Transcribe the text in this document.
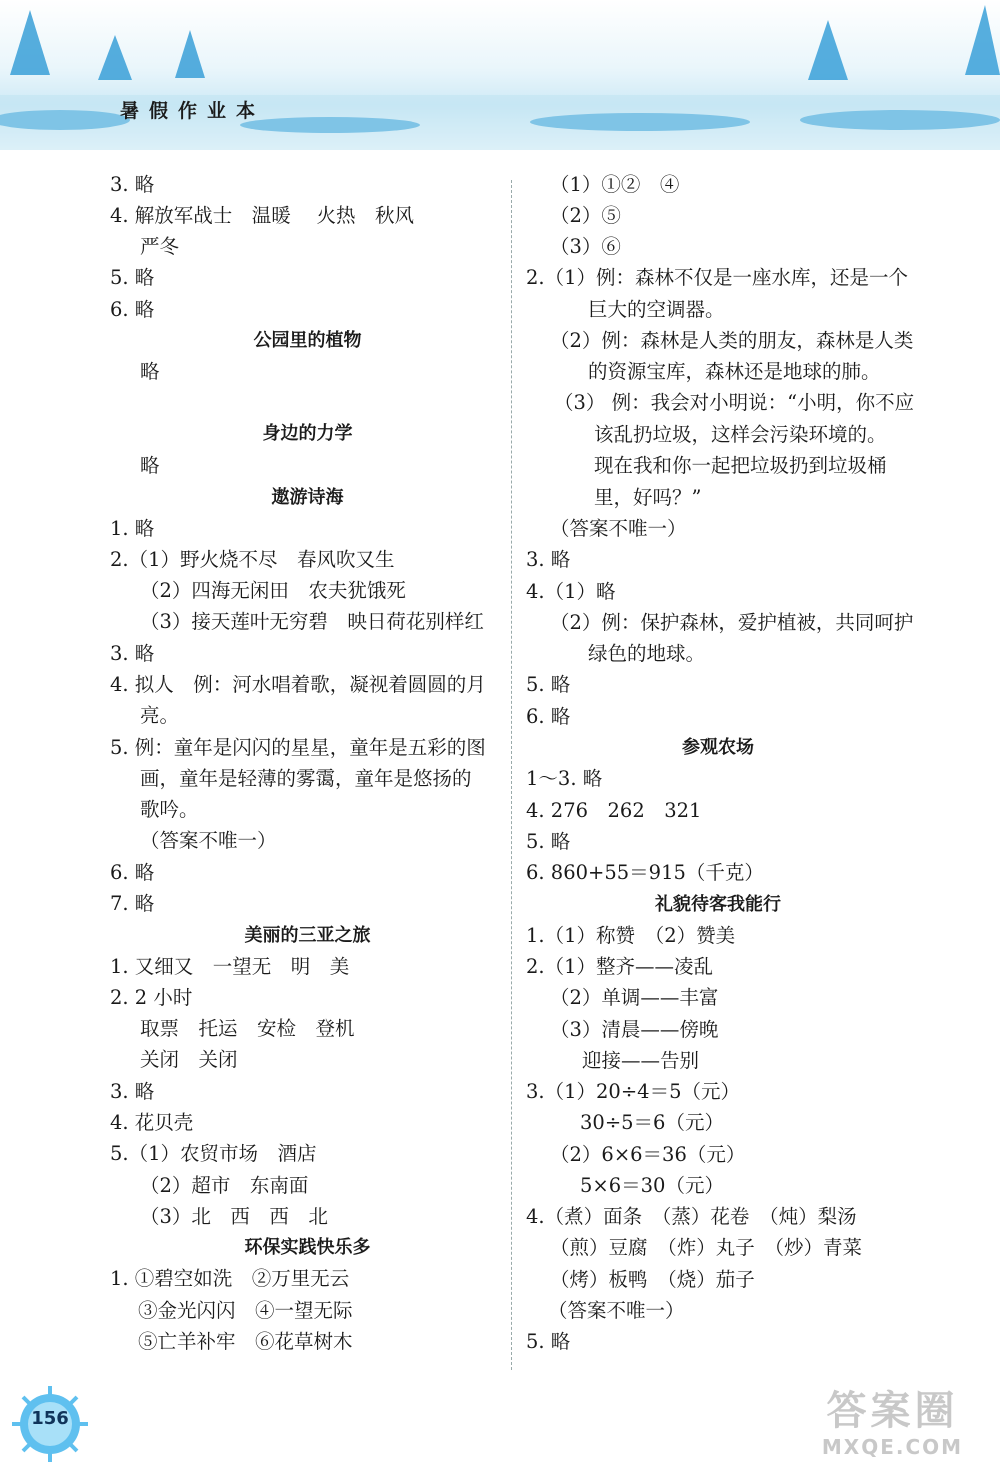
暑假作业本
3. 略
4. 解放军战士　温暖　 火热　秋风
严冬
5. 略
6. 略
公园里的植物
略
身边的力学
略
遨游诗海
1. 略
2.（1）野火烧不尽　春风吹又生
（2）四海无闲田　农夫犹饿死
（3）接天莲叶无穷碧　映日荷花别样红
3. 略
4. 拟人　例：河水唱着歌，凝视着圆圆的月
亮。
5. 例：童年是闪闪的星星，童年是五彩的图
画，童年是轻薄的雾霭，童年是悠扬的
歌吟。
（答案不唯一）
6. 略
7. 略
美丽的三亚之旅
1. 又细又　一望无　明　美
2. 2 小时
取票　托运　安检　登机
关闭　关闭
3. 略
4. 花贝壳
5.（1）农贸市场　酒店
（2）超市　东南面
（3）北　西　西　北
环保实践快乐多
1. ①碧空如洗　②万里无云
③金光闪闪　④一望无际
⑤亡羊补牢　⑥花草树木
（1）①②　④
（2）⑤
（3）⑥
2.（1）例：森林不仅是一座水库，还是一个
巨大的空调器。
（2）例：森林是人类的朋友，森林是人类
的资源宝库，森林还是地球的肺。
（3） 例：我会对小明说：“小明，你不应
该乱扔垃圾，这样会污染环境的。
现在我和你一起把垃圾扔到垃圾桶
里，好吗？”
（答案不唯一）
3. 略
4.（1）略
（2）例：保护森林，爱护植被，共同呵护
绿色的地球。
5. 略
6. 略
参观农场
1～3. 略
4. 276　262　321
5. 略
6. 860+55＝915（千克）
礼貌待客我能行
1.（1）称赞　（2）赞美
2.（1）整齐——凌乱
（2）单调——丰富
（3）清晨——傍晚
迎接——告别
3.（1）20÷4＝5（元）
30÷5＝6（元）
（2）6×6＝36（元）
5×6＝30（元）
4.（煮）面条　（蒸）花卷　（炖）梨汤
（煎）豆腐　（炸）丸子　（炒）青菜
（烤）板鸭　（烧）茄子
（答案不唯一）
5. 略
156	答案圈
MXQE.COM
